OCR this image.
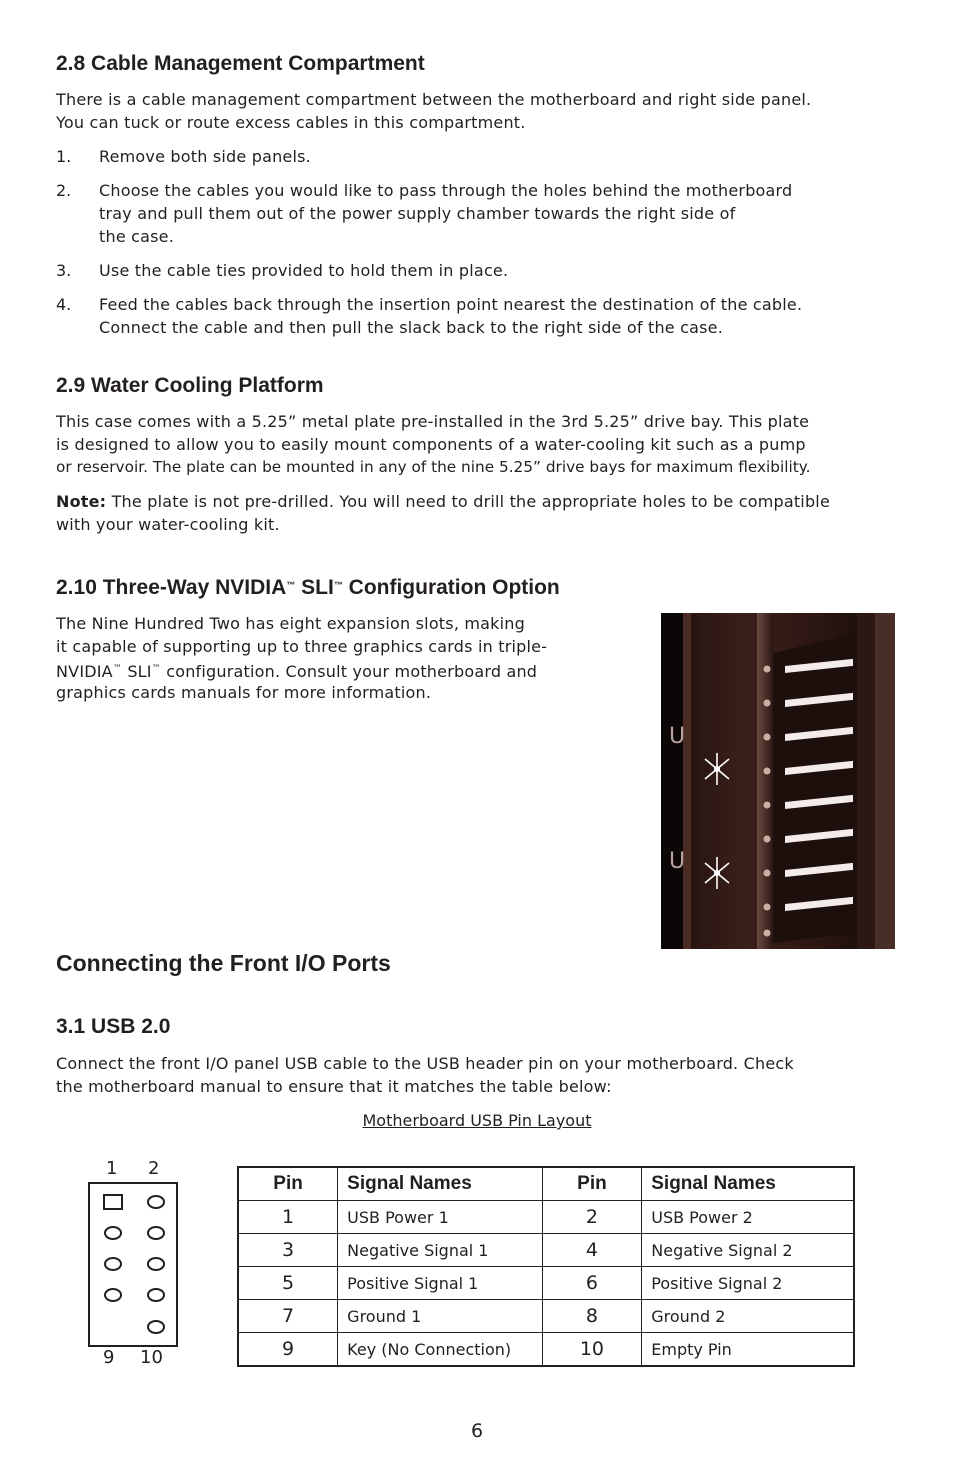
2.8 Cable Management Compartment

There is a cable management compartment between the motherboard and right side panel.

You can tuck or route excess cables in this compartment.

1. Remove both side panels.

2. Choose the cables you would like to pass through the holes behind the motherboard

tray and pull them out of the power supply chamber towards the right side of

the case.

3. Use the cable ties provided to hold them in place.

4. Feed the cables back through the insertion point nearest the destination of the cable.

Connect the cable and then pull the slack back to the right side of the case.

2.9 Water Cooling Platform

This case comes with a 5.25” metal plate pre-installed in the 3rd 5.25” drive bay. This plate

is designed to allow you to easily mount components of a water-cooling kit such as a pump

or reservoir. The plate can be mounted in any of the nine 5.25” drive bays for maximum flexibility.

Note: The plate is not pre-drilled. You will need to drill the appropriate holes to be compatible

with your water-cooling kit.

2.10 Three-Way NVIDIA™ SLI™ Configuration Option

The Nine Hundred Two has eight expansion slots, making

it capable of supporting up to three graphics cards in triple-

NVIDIA™ SLI™ configuration. Consult your motherboard and

graphics cards manuals for more information.

U
U
Connecting the Front I/O Ports
3.1 USB 2.0

Connect the front I/O panel USB cable to the USB header pin on your motherboard. Check

the motherboard manual to ensure that it matches the table below:

Motherboard USB Pin Layout
1 2
9 10
Pin	Signal Names	Pin	Signal Names
1	USB Power 1	2	USB Power 2
3	Negative Signal 1	4	Negative Signal 2
5	Positive Signal 1	6	Positive Signal 2
7	Ground 1	8	Ground 2
9	Key (No Connection)	10	Empty Pin
6
